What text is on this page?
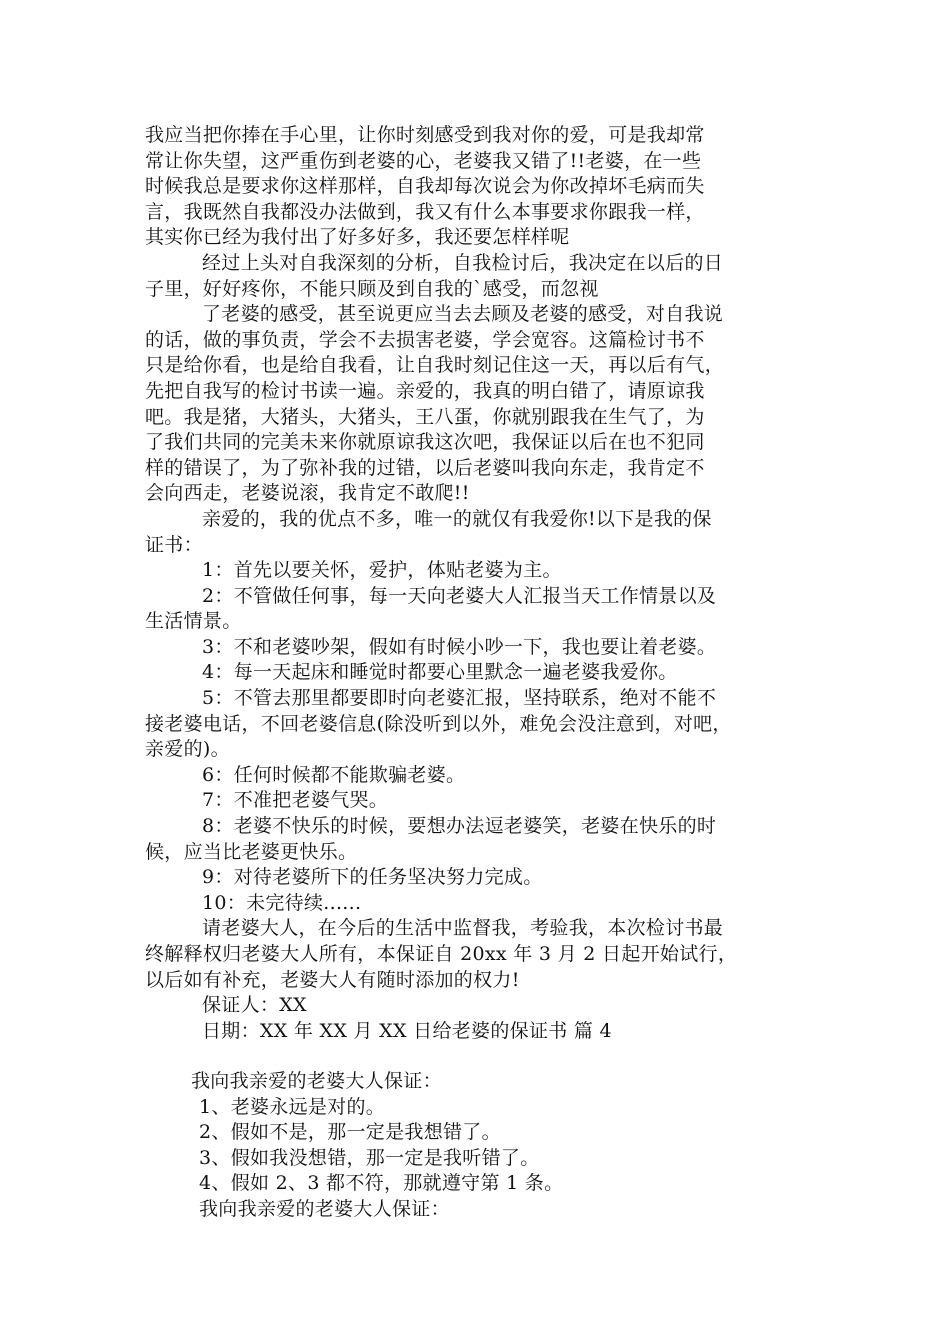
我应当把你捧在手心里，让你时刻感受到我对你的爱，可是我却常

常让你失望，这严重伤到老婆的心，老婆我又错了!!老婆，在一些

时候我总是要求你这样那样，自我却每次说会为你改掉坏毛病而失

言，我既然自我都没办法做到，我又有什么本事要求你跟我一样，

其实你已经为我付出了好多好多，我还要怎样样呢

经过上头对自我深刻的分析，自我检讨后，我决定在以后的日

子里，好好疼你，不能只顾及到自我的`感受，而忽视

了老婆的感受，甚至说更应当去去顾及老婆的感受，对自我说

的话，做的事负责，学会不去损害老婆，学会宽容。这篇检讨书不

只是给你看，也是给自我看，让自我时刻记住这一天，再以后有气，

先把自我写的检讨书读一遍。亲爱的，我真的明白错了，请原谅我

吧。我是猪，大猪头，大猪头，王八蛋，你就别跟我在生气了，为

了我们共同的完美未来你就原谅我这次吧，我保证以后在也不犯同

样的错误了，为了弥补我的过错，以后老婆叫我向东走，我肯定不

会向西走，老婆说滚，我肯定不敢爬!!

亲爱的，我的优点不多，唯一的就仅有我爱你!以下是我的保

证书：

1：首先以要关怀，爱护，体贴老婆为主。

2：不管做任何事，每一天向老婆大人汇报当天工作情景以及

生活情景。

3：不和老婆吵架，假如有时候小吵一下，我也要让着老婆。

4：每一天起床和睡觉时都要心里默念一遍老婆我爱你。

5：不管去那里都要即时向老婆汇报，坚持联系，绝对不能不

接老婆电话，不回老婆信息(除没听到以外，难免会没注意到，对吧，

亲爱的)。

6：任何时候都不能欺骗老婆。

7：不准把老婆气哭。

8：老婆不快乐的时候，要想办法逗老婆笑，老婆在快乐的时

候，应当比老婆更快乐。

9：对待老婆所下的任务坚决努力完成。

10：未完待续......

请老婆大人，在今后的生活中监督我，考验我，本次检讨书最

终解释权归老婆大人所有，本保证自 20xx 年 3 月 2 日起开始试行，

以后如有补充，老婆大人有随时添加的权力!

保证人：XX

日期：XX 年 XX 月 XX 日给老婆的保证书 篇 4

我向我亲爱的老婆大人保证：

1、老婆永远是对的。

2、假如不是，那一定是我想错了。

3、假如我没想错，那一定是我听错了。

4、假如 2、3 都不符，那就遵守第 1 条。

我向我亲爱的老婆大人保证：
